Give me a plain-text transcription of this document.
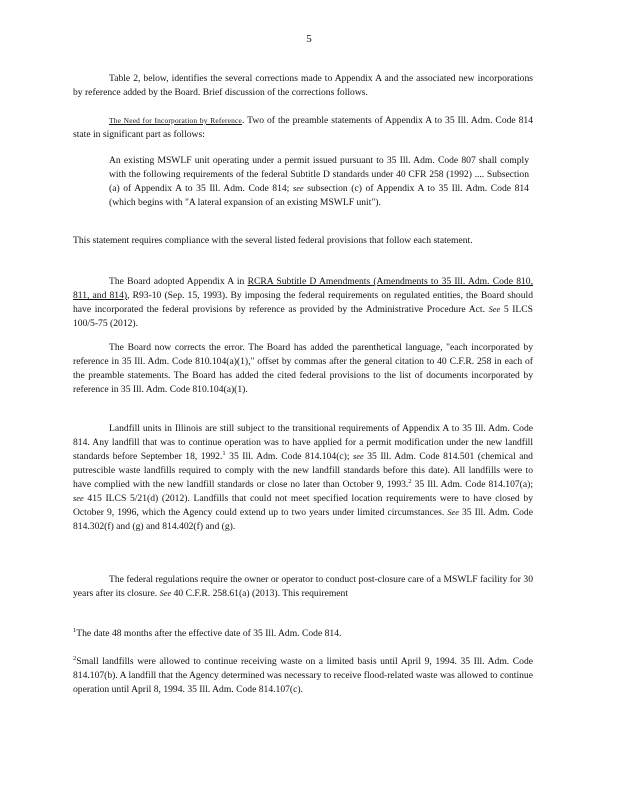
5

Table 2, below, identifies the several corrections made to Appendix A and the associated new incorporations by reference added by the Board. Brief discussion of the corrections follows.

The Need for Incorporation by Reference. Two of the preamble statements of Appendix A to 35 Ill. Adm. Code 814 state in significant part as follows:

An existing MSWLF unit operating under a permit issued pursuant to 35 Ill. Adm. Code 807 shall comply with the following requirements of the federal Subtitle D standards under 40 CFR 258 (1992) .... Subsection (a) of Appendix A to 35 Ill. Adm. Code 814; see subsection (c) of Appendix A to 35 Ill. Adm. Code 814 (which begins with "A lateral expansion of an existing MSWLF unit").

This statement requires compliance with the several listed federal provisions that follow each statement.

The Board adopted Appendix A in RCRA Subtitle D Amendments (Amendments to 35 Ill. Adm. Code 810, 811, and 814), R93-10 (Sep. 15, 1993). By imposing the federal requirements on regulated entities, the Board should have incorporated the federal provisions by reference as provided by the Administrative Procedure Act. See 5 ILCS 100/5-75 (2012).

The Board now corrects the error. The Board has added the parenthetical language, "each incorporated by reference in 35 Ill. Adm. Code 810.104(a)(1)," offset by commas after the general citation to 40 C.F.R. 258 in each of the preamble statements. The Board has added the cited federal provisions to the list of documents incorporated by reference in 35 Ill. Adm. Code 810.104(a)(1).

Landfill units in Illinois are still subject to the transitional requirements of Appendix A to 35 Ill. Adm. Code 814. Any landfill that was to continue operation was to have applied for a permit modification under the new landfill standards before September 18, 1992.$^1$ 35 Ill. Adm. Code 814.104(c); see 35 Ill. Adm. Code 814.501 (chemical and putrescible waste landfills required to comply with the new landfill standards before this date). All landfills were to have complied with the new landfill standards or close no later than October 9, 1993.$^2$ 35 Ill. Adm. Code 814.107(a); see 415 ILCS 5/21(d) (2012). Landfills that could not meet specified location requirements were to have closed by October 9, 1996, which the Agency could extend up to two years under limited circumstances. See 35 Ill. Adm. Code 814.302(f) and (g) and 814.402(f) and (g).

The federal regulations require the owner or operator to conduct post-closure care of a MSWLF facility for 30 years after its closure. See 40 C.F.R. 258.61(a) (2013). This requirement

$^1$The date 48 months after the effective date of 35 Ill. Adm. Code 814.

$^2$Small landfills were allowed to continue receiving waste on a limited basis until April 9, 1994. 35 Ill. Adm. Code 814.107(b). A landfill that the Agency determined was necessary to receive flood-related waste was allowed to continue operation until April 8, 1994. 35 Ill. Adm. Code 814.107(c).
